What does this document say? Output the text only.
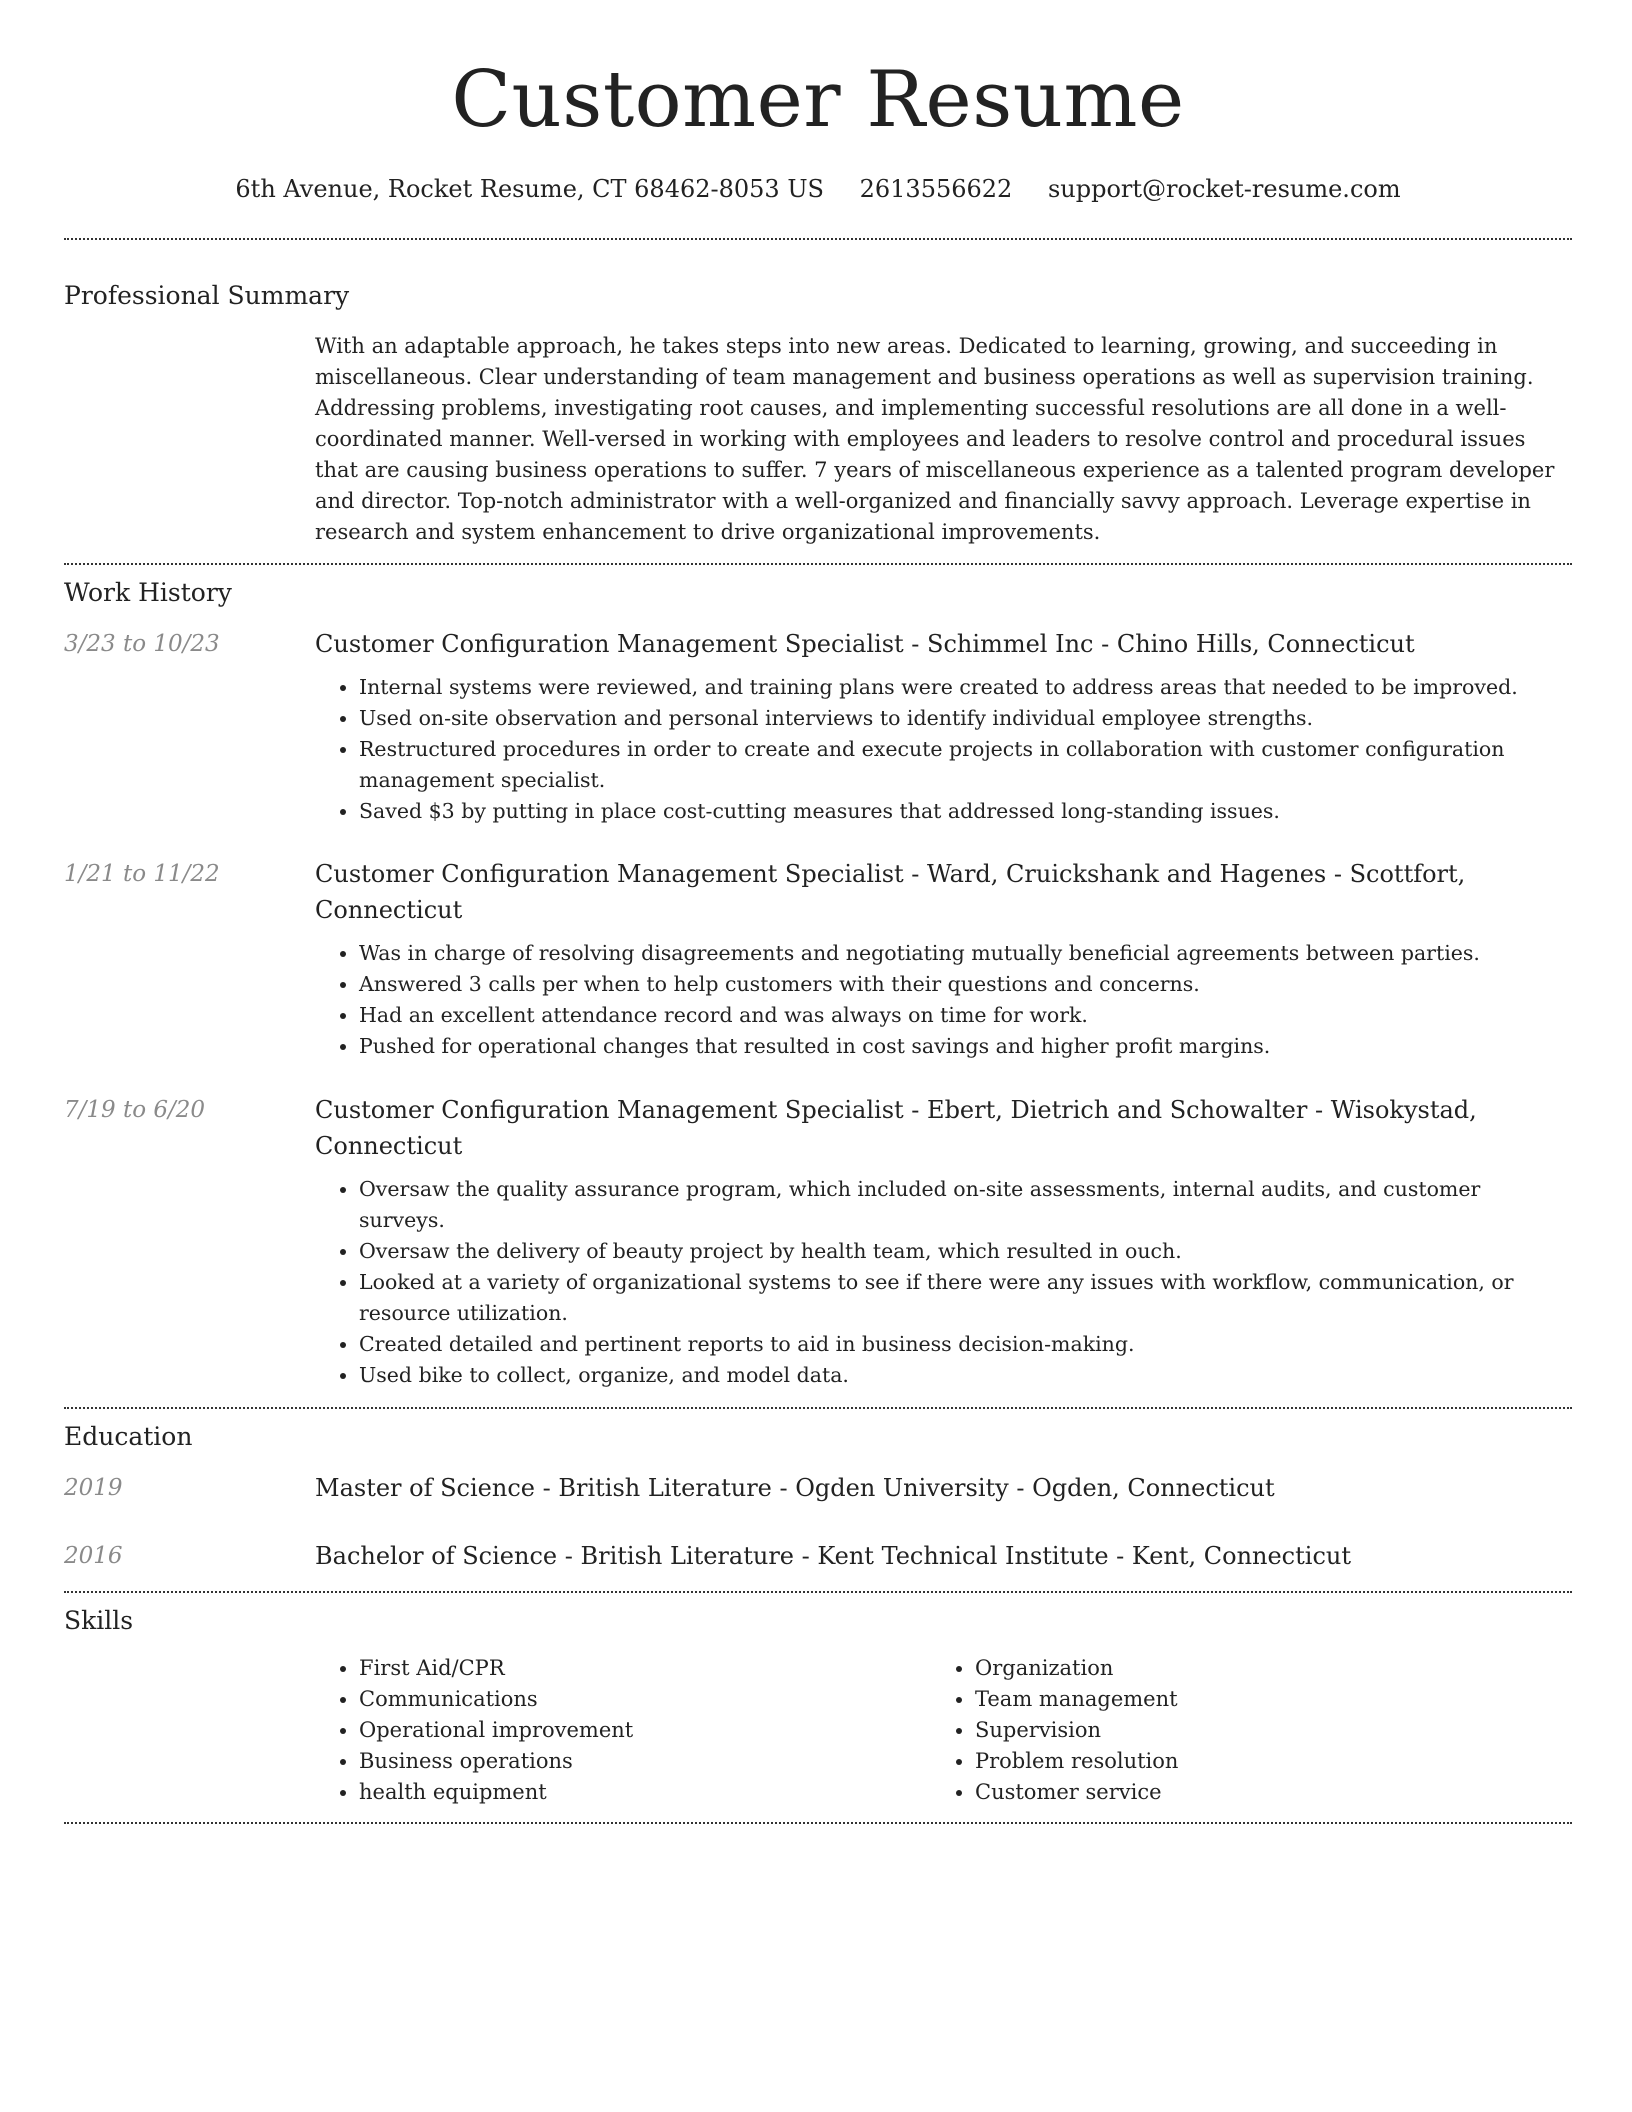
Customer Resume
6th Avenue, Rocket Resume, CT 68462-8053 US 2613556622 support@rocket-resume.com
Professional Summary
With an adaptable approach, he takes steps into new areas. Dedicated to learning, growing, and succeeding in miscellaneous. Clear understanding of team management and business operations as well as supervision training. Addressing problems, investigating root causes, and implementing successful resolutions are all done in a well-coordinated manner. Well-versed in working with employees and leaders to resolve control and procedural issues that are causing business operations to suffer. 7 years of miscellaneous experience as a talented program developer and director. Top-notch administrator with a well-organized and financially savvy approach. Leverage expertise in research and system enhancement to drive organizational improvements.
Work History
3/23 to 10/23	Customer Configuration Management Specialist - Schimmel Inc - Chino Hills, Connecticut
• Internal systems were reviewed, and training plans were created to address areas that needed to be improved.
• Used on-site observation and personal interviews to identify individual employee strengths.
• Restructured procedures in order to create and execute projects in collaboration with customer configuration management specialist.
• Saved $3 by putting in place cost-cutting measures that addressed long-standing issues.
1/21 to 11/22	Customer Configuration Management Specialist - Ward, Cruickshank and Hagenes - Scottfort, Connecticut
• Was in charge of resolving disagreements and negotiating mutually beneficial agreements between parties.
• Answered 3 calls per when to help customers with their questions and concerns.
• Had an excellent attendance record and was always on time for work.
• Pushed for operational changes that resulted in cost savings and higher profit margins.
7/19 to 6/20	Customer Configuration Management Specialist - Ebert, Dietrich and Schowalter - Wisokystad, Connecticut
• Oversaw the quality assurance program, which included on-site assessments, internal audits, and customer surveys.
• Oversaw the delivery of beauty project by health team, which resulted in ouch.
• Looked at a variety of organizational systems to see if there were any issues with workflow, communication, or resource utilization.
• Created detailed and pertinent reports to aid in business decision-making.
• Used bike to collect, organize, and model data.
Education
2019	Master of Science - British Literature - Ogden University - Ogden, Connecticut
2016	Bachelor of Science - British Literature - Kent Technical Institute - Kent, Connecticut
Skills
• First Aid/CPR
• Communications
• Operational improvement
• Business operations
• health equipment
• Organization
• Team management
• Supervision
• Problem resolution
• Customer service
